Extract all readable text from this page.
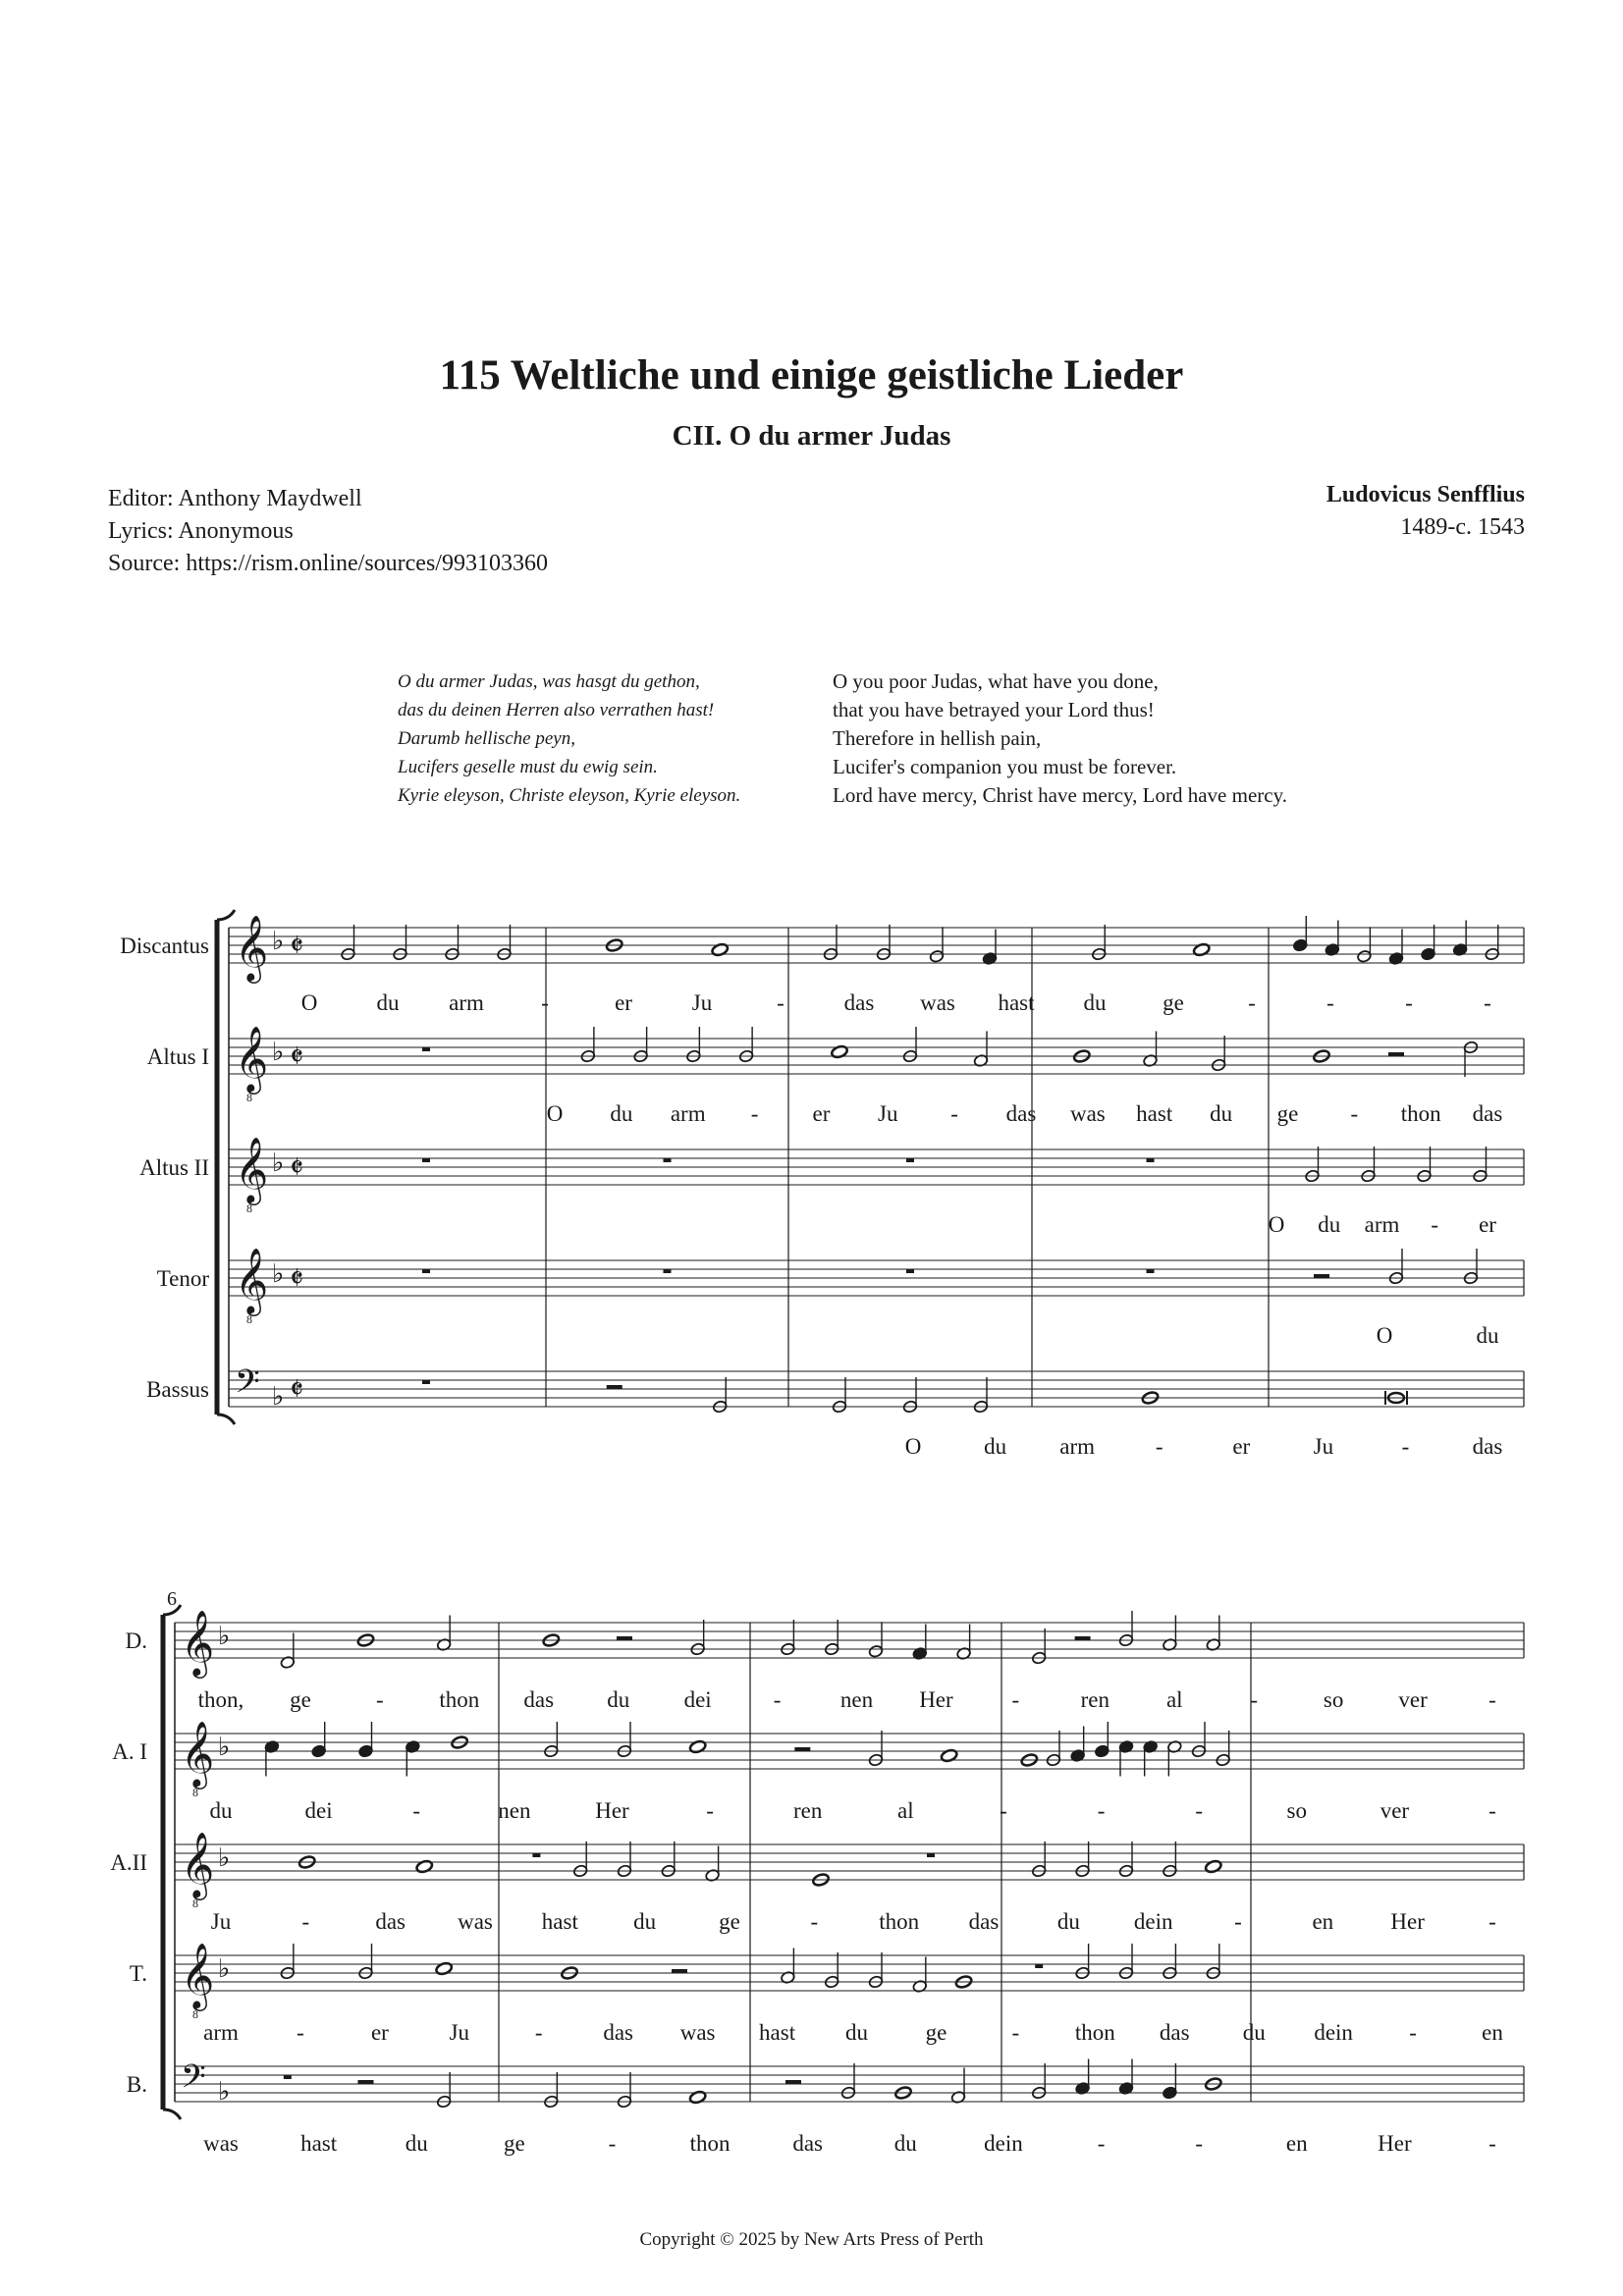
115 Weltliche und einige geistliche Lieder
CII. O du armer Judas
Editor: Anthony Maydwell
Lyrics: Anonymous
Source: https://rism.online/sources/993103360
Ludovicus Senfflius
1489-c. 1543
O du armer Judas, was hasgt du gethon,
das du deinen Herren also verrathen hast!
Darumb hellische peyn,
Lucifers geselle must du ewig sein.
Kyrie eleyson, Christe eleyson, Kyrie eleyson.
O you poor Judas, what have you done,
that you have betrayed your Lord thus!
Therefore in hellish pain,
Lucifer's companion you must be forever.
Lord have mercy, Christ have mercy, Lord have mercy.
Discantus 𝄞 ♭ 𝄵
O	du arm	-	er	Ju	-	das was hast du	ge	-	-	-	-
Altus I 𝄞
8
♭ 𝄵
O du arm - er Ju - das was hast du ge - thon das
Altus II 𝄞
8
♭ 𝄵
O du arm - er
Tenor 𝄞
8
♭ 𝄵
O	du
Bassus 𝄢 ♭ 𝄵
O	du arm	-	er	Ju	-	das
6
D. 𝄞 ♭
thon, ge	- thon das du dei	-	nen Her	-	ren	al	-	so ver	-
A. I 𝄞
8
♭
du	dei	-	nen	Her	-	ren	al	-	-	-	so	ver	-
A.II 𝄞
8
♭
Ju	-	das was hast du	ge	-	thon das	du dein	-	en	Her	-
T. 𝄞
8
♭
arm	-	er	Ju	-	das was hast du	ge	- thon das du dein -	en
B. 𝄢 ♭
was	hast	du	ge	-	thon	das	du	dein	-	-	en	Her	-
Copyright © 2025 by New Arts Press of Perth
